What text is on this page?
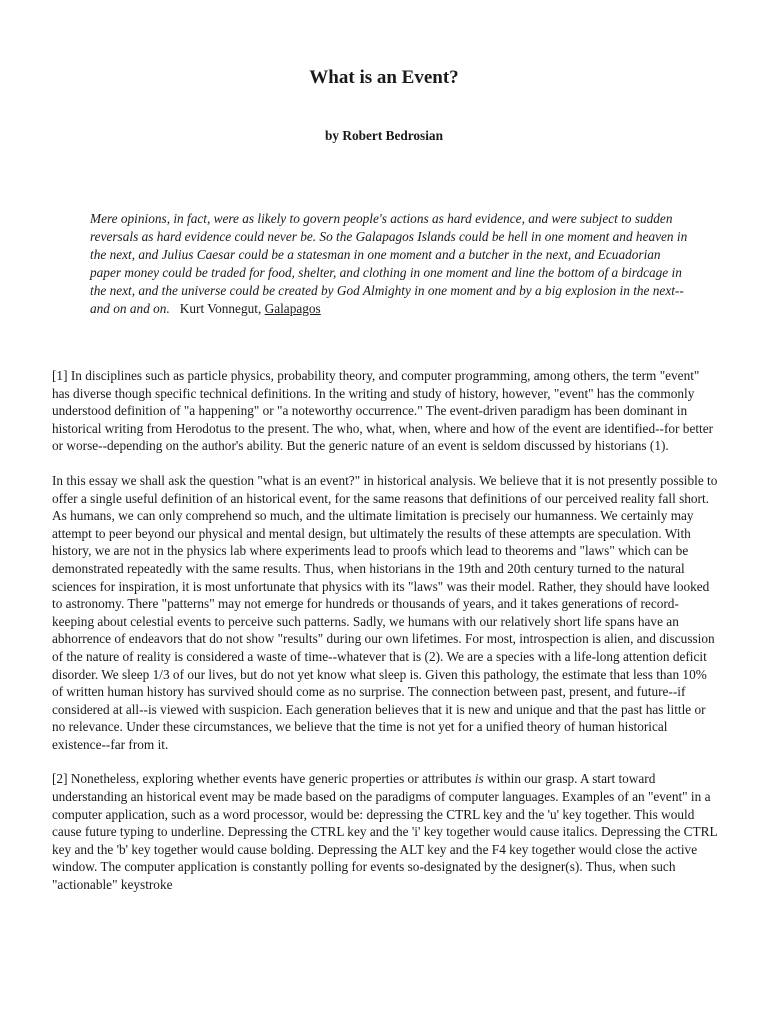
What is an Event?
by Robert Bedrosian
Mere opinions, in fact, were as likely to govern people's actions as hard evidence, and were subject to sudden reversals as hard evidence could never be. So the Galapagos Islands could be hell in one moment and heaven in the next, and Julius Caesar could be a statesman in one moment and a butcher in the next, and Ecuadorian paper money could be traded for food, shelter, and clothing in one moment and line the bottom of a birdcage in the next, and the universe could be created by God Almighty in one moment and by a big explosion in the next--and on and on. Kurt Vonnegut, Galapagos

[1] In disciplines such as particle physics, probability theory, and computer programming, among others, the term "event" has diverse though specific technical definitions. In the writing and study of history, however, "event" has the commonly understood definition of "a happening" or "a noteworthy occurrence." The event-driven paradigm has been dominant in historical writing from Herodotus to the present. The who, what, when, where and how of the event are identified--for better or worse--depending on the author's ability. But the generic nature of an event is seldom discussed by historians (1).

In this essay we shall ask the question "what is an event?" in historical analysis. We believe that it is not presently possible to offer a single useful definition of an historical event, for the same reasons that definitions of our perceived reality fall short. As humans, we can only comprehend so much, and the ultimate limitation is precisely our humanness. We certainly may attempt to peer beyond our physical and mental design, but ultimately the results of these attempts are speculation. With history, we are not in the physics lab where experiments lead to proofs which lead to theorems and "laws" which can be demonstrated repeatedly with the same results. Thus, when historians in the 19th and 20th century turned to the natural sciences for inspiration, it is most unfortunate that physics with its "laws" was their model. Rather, they should have looked to astronomy. There "patterns" may not emerge for hundreds or thousands of years, and it takes generations of record-keeping about celestial events to perceive such patterns. Sadly, we humans with our relatively short life spans have an abhorrence of endeavors that do not show "results" during our own lifetimes. For most, introspection is alien, and discussion of the nature of reality is considered a waste of time--whatever that is (2). We are a species with a life-long attention deficit disorder. We sleep 1/3 of our lives, but do not yet know what sleep is. Given this pathology, the estimate that less than 10% of written human history has survived should come as no surprise. The connection between past, present, and future--if considered at all--is viewed with suspicion. Each generation believes that it is new and unique and that the past has little or no relevance. Under these circumstances, we believe that the time is not yet for a unified theory of human historical existence--far from it.

[2] Nonetheless, exploring whether events have generic properties or attributes is within our grasp. A start toward understanding an historical event may be made based on the paradigms of computer languages. Examples of an "event" in a computer application, such as a word processor, would be: depressing the CTRL key and the 'u' key together. This would cause future typing to underline. Depressing the CTRL key and the 'i' key together would cause italics. Depressing the CTRL key and the 'b' key together would cause bolding. Depressing the ALT key and the F4 key together would close the active window. The computer application is constantly polling for events so-designated by the designer(s). Thus, when such "actionable" keystroke
